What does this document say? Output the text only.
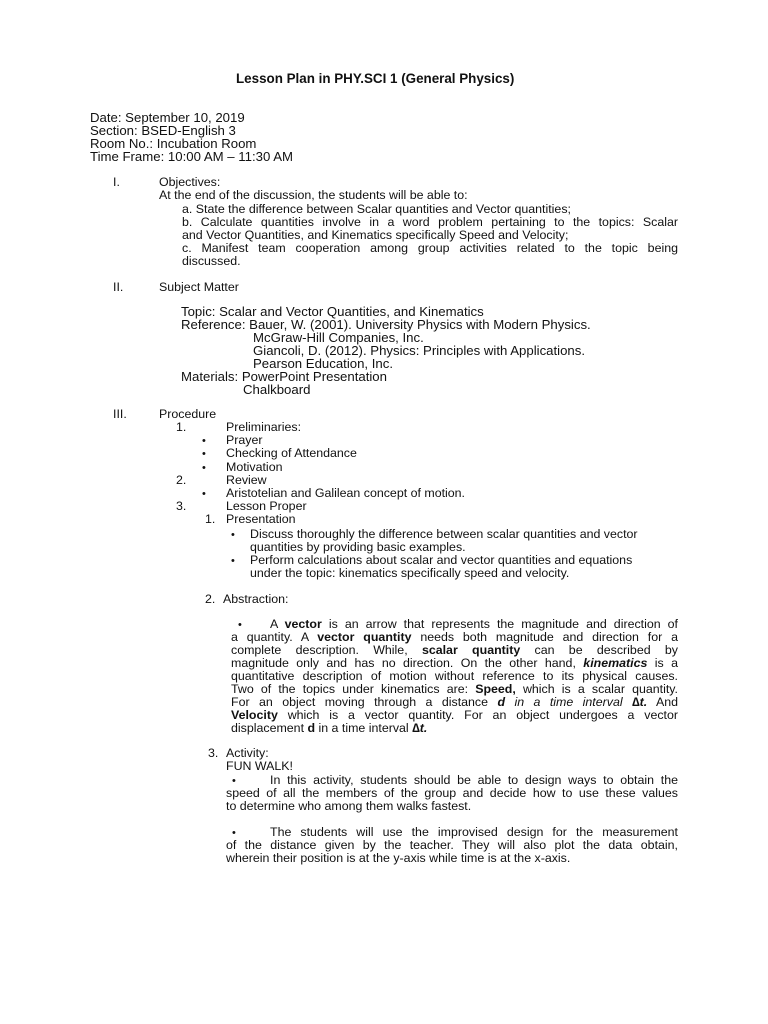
Lesson Plan in PHY.SCI 1 (General Physics)
Date: September 10, 2019
Section: BSED-English 3
Room No.: Incubation Room
Time Frame: 10:00 AM – 11:30 AM
I.	Objectives:
At the end of the discussion, the students will be able to:
a. State the difference between Scalar quantities and Vector quantities;
b. Calculate quantities involve in a word problem pertaining to the topics: Scalar
and Vector Quantities, and Kinematics specifically Speed and Velocity;
c. Manifest team cooperation among group activities related to the topic being
discussed.
II.	Subject Matter
Topic: Scalar and Vector Quantities, and Kinematics
Reference: Bauer, W. (2001). University Physics with Modern Physics.
McGraw-Hill Companies, Inc.
Giancoli, D. (2012). Physics: Principles with Applications.
Pearson Education, Inc.
Materials: PowerPoint Presentation
Chalkboard
III.	Procedure
1.	Preliminaries:
• Prayer
• Checking of Attendance
• Motivation
2.	Review
• Aristotelian and Galilean concept of motion.
3.	Lesson Proper
1. Presentation
• Discuss thoroughly the difference between scalar quantities and vector
quantities by providing basic examples.
• Perform calculations about scalar and vector quantities and equations
under the topic: kinematics specifically speed and velocity.
2. Abstraction:
• A vector is an arrow that represents the magnitude and direction of
a quantity. A vector quantity needs both magnitude and direction for a
complete description. While, scalar quantity can be described by
magnitude only and has no direction. On the other hand, kinematics is a
quantitative description of motion without reference to its physical causes.
Two of the topics under kinematics are: Speed, which is a scalar quantity.
For an object moving through a distance d in a time interval ∆t. And
Velocity which is a vector quantity. For an object undergoes a vector
displacement d in a time interval ∆t.
3. Activity:
FUN WALK!
•	In this activity, students should be able to design ways to obtain the
speed of all the members of the group and decide how to use these values
to determine who among them walks fastest.
•	The students will use the improvised design for the measurement
of the distance given by the teacher. They will also plot the data obtain,
wherein their position is at the y-axis while time is at the x-axis.
